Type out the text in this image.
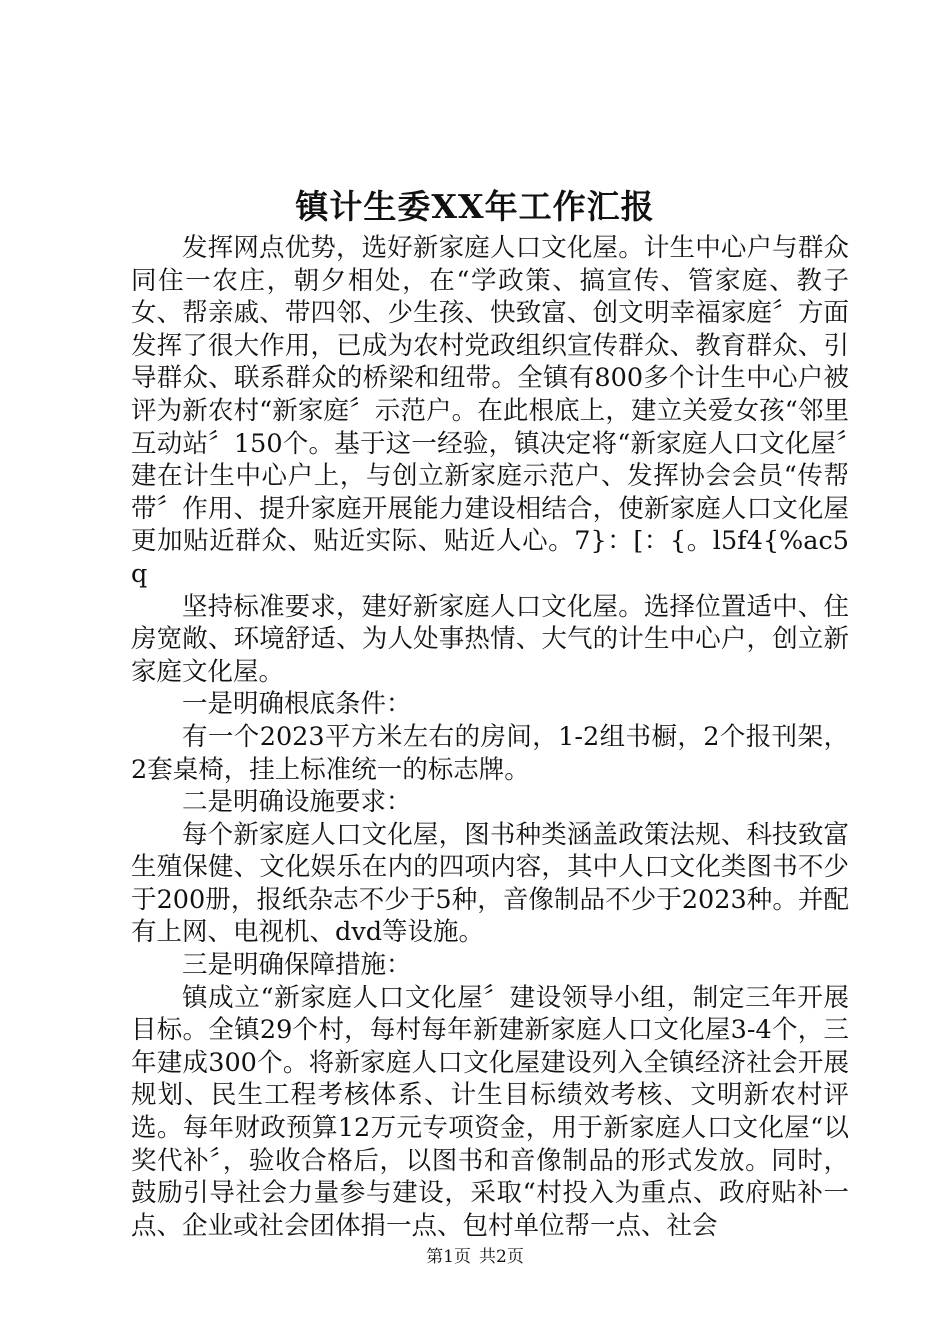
镇计生委XX年工作汇报

发挥网点优势，选好新家庭人口文化屋。计生中心户与群众同住一农庄，朝夕相处，在“学政策、搞宣传、管家庭、教子女、帮亲戚、带四邻、少生孩、快致富、创文明幸福家庭〞方面发挥了很大作用，已成为农村党政组织宣传群众、教育群众、引导群众、联系群众的桥梁和纽带。全镇有800多个计生中心户被评为新农村“新家庭〞示范户。在此根底上，建立关爱女孩“邻里互动站〞150个。基于这一经验，镇决定将“新家庭人口文化屋〞建在计生中心户上，与创立新家庭示范户、发挥协会会员“传帮带〞作用、提升家庭开展能力建设相结合，使新家庭人口文化屋更加贴近群众、贴近实际、贴近人心。7}：[：{。l5f4{%ac5q

坚持标准要求，建好新家庭人口文化屋。选择位置适中、住房宽敞、环境舒适、为人处事热情、大气的计生中心户，创立新家庭文化屋。

一是明确根底条件：

有一个2023平方米左右的房间，1-2组书橱，2个报刊架，2套桌椅，挂上标准统一的标志牌。

二是明确设施要求：

每个新家庭人口文化屋，图书种类涵盖政策法规、科技致富生殖保健、文化娱乐在内的四项内容，其中人口文化类图书不少于200册，报纸杂志不少于5种，音像制品不少于2023种。并配有上网、电视机、dvd等设施。

三是明确保障措施：

镇成立“新家庭人口文化屋〞建设领导小组，制定三年开展目标。全镇29个村，每村每年新建新家庭人口文化屋3-4个，三年建成300个。将新家庭人口文化屋建设列入全镇经济社会开展规划、民生工程考核体系、计生目标绩效考核、文明新农村评选。每年财政预算12万元专项资金，用于新家庭人口文化屋“以奖代补〞，验收合格后，以图书和音像制品的形式发放。同时，鼓励引导社会力量参与建设，采取“村投入为重点、政府贴补一点、企业或社会团体捐一点、包村单位帮一点、社会

第1页 共2页
